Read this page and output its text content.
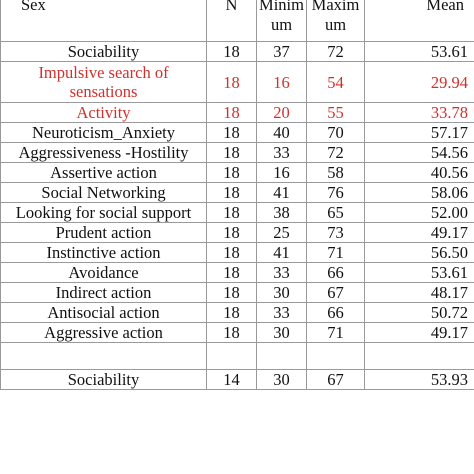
Sex	N	Minimum	Maximum	Mean
Sociability	18	37	72	53.61
Impulsive search of sensations	18	16	54	29.94
Activity	18	20	55	33.78
Neuroticism_Anxiety	18	40	70	57.17
Aggressiveness -Hostility	18	33	72	54.56
Assertive action	18	16	58	40.56
Social Networking	18	41	76	58.06
Looking for social support	18	38	65	52.00
Prudent action	18	25	73	49.17
Instinctive action	18	41	71	56.50
Avoidance	18	33	66	53.61
Indirect action	18	30	67	48.17
Antisocial action	18	33	66	50.72
Aggressive action	18	30	71	49.17

Sociability	14	30	67	53.93
